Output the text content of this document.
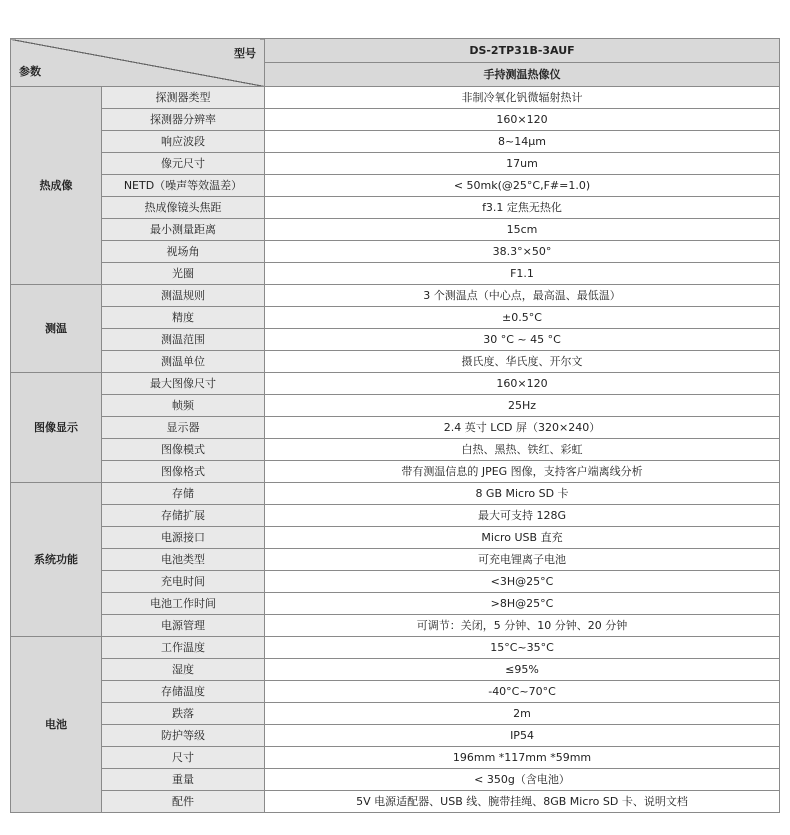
型号
参数		DS-2TP31B-3AUF
		手持测温热像仪
热成像	探测器类型	非制冷氧化钒微辐射热计
	探测器分辨率	160×120
	响应波段	8~14μm
	像元尺寸	17um
	NETD（噪声等效温差）	< 50mk(@25°C,F#=1.0)
	热成像镜头焦距	f3.1 定焦无热化
	最小测量距离	15cm
	视场角	38.3°×50°
	光圈	F1.1
测温	测温规则	3 个测温点（中心点，最高温、最低温）
	精度	±0.5°C
	测温范围	30 °C ~ 45 °C
	测温单位	摄氏度、华氏度、开尔文
图像显示	最大图像尺寸	160×120
	帧频	25Hz
	显示器	2.4 英寸 LCD 屏（320×240）
	图像模式	白热、黑热、铁红、彩虹
	图像格式	带有测温信息的 JPEG 图像，支持客户端离线分析
系统功能	存储	8 GB Micro SD 卡
	存储扩展	最大可支持 128G
	电源接口	Micro USB 直充
	电池类型	可充电锂离子电池
	充电时间	<3H@25°C
	电池工作时间	>8H@25°C
	电源管理	可调节：关闭，5 分钟、10 分钟、20 分钟
电池	工作温度	15°C~35°C
	湿度	≤95%
	存储温度	-40°C~70°C
	跌落	2m
	防护等级	IP54
	尺寸	196mm *117mm *59mm
	重量	< 350g（含电池）
	配件	5V 电源适配器、USB 线、腕带挂绳、8GB Micro SD 卡、说明文档
